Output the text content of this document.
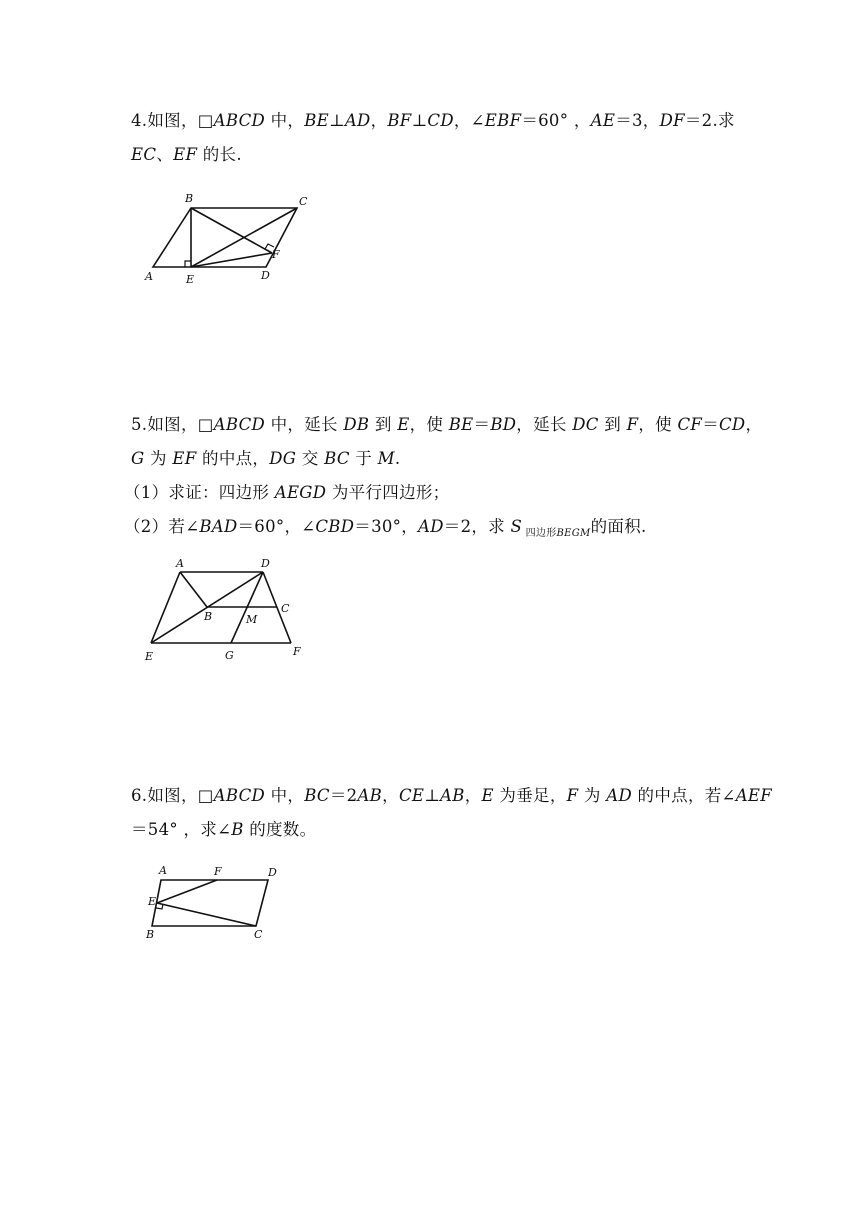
4.如图，□ABCD 中，BE⊥AD，BF⊥CD，∠EBF＝60° ，AE＝3，DF＝2.求
EC、EF 的长.
B	C
F
A	E	D
5.如图，□ABCD 中，延长 DB 到 E，使 BE＝BD，延长 DC 到 F，使 CF＝CD，
G 为 EF 的中点，DG 交 BC 于 M.
（1）求证：四边形 AEGD 为平行四边形；
（2）若∠BAD＝60°，∠CBD＝30°，AD＝2，求 S $_{四边形BEGM}$的面积.
A	D
B
C
M
E	G	F
6.如图，□ABCD 中，BC＝2AB，CE⊥AB，E 为垂足，F 为 AD 的中点，若∠AEF
＝54° ，求∠B 的度数。
A	F	D
E
B	C
